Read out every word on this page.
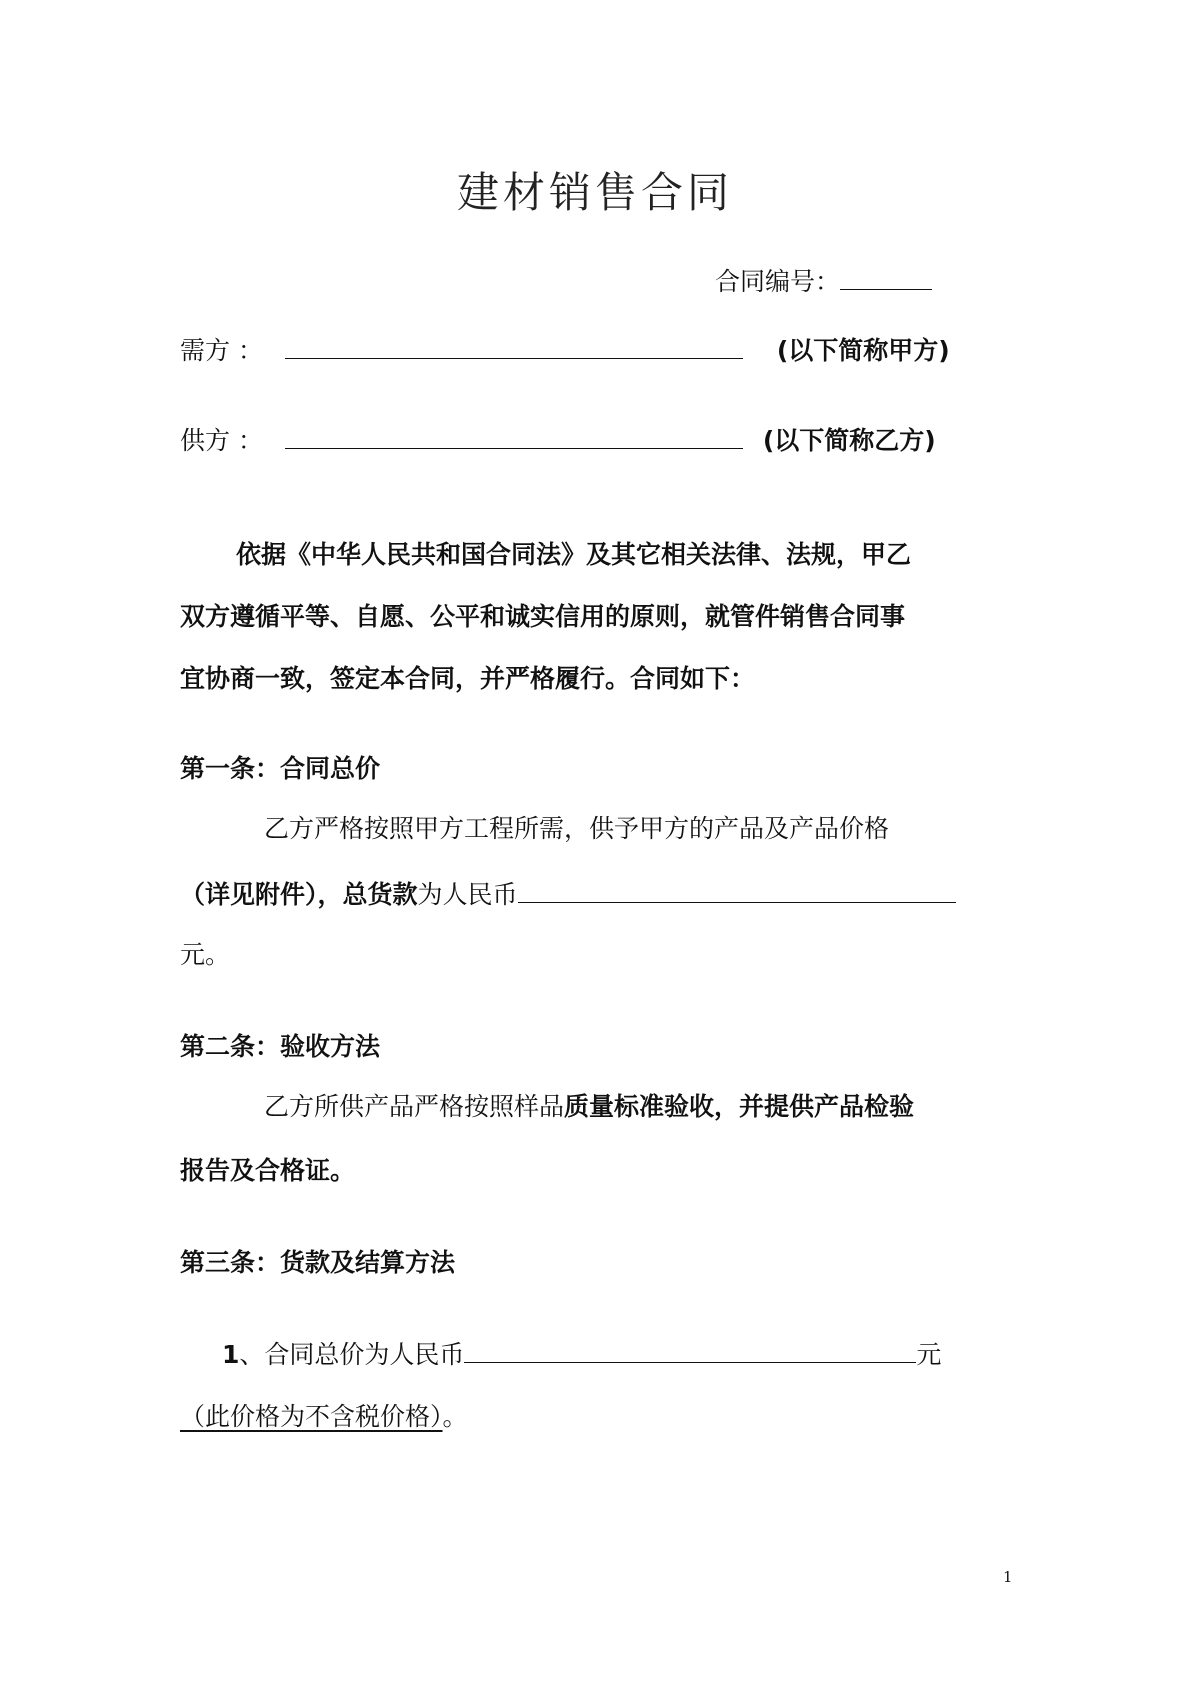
建材销售合同
合同编号：
需方 ：	(以下简称甲方)
供方 ：	(以下简称乙方)
依据《中华人民共和国合同法》及其它相关法律、法规，甲乙
双方遵循平等、自愿、公平和诚实信用的原则，就管件销售合同事
宜协商一致，签定本合同，并严格履行。合同如下：
第一条：合同总价
乙方严格按照甲方工程所需，供予甲方的产品及产品价格
（详见附件），总货款为人民币
元。
第二条：验收方法
乙方所供产品严格按照样品质量标准验收，并提供产品检验
报告及合格证。
第三条：货款及结算方法
1、合同总价为人民币	元
（此价格为不含税价格）。
1
